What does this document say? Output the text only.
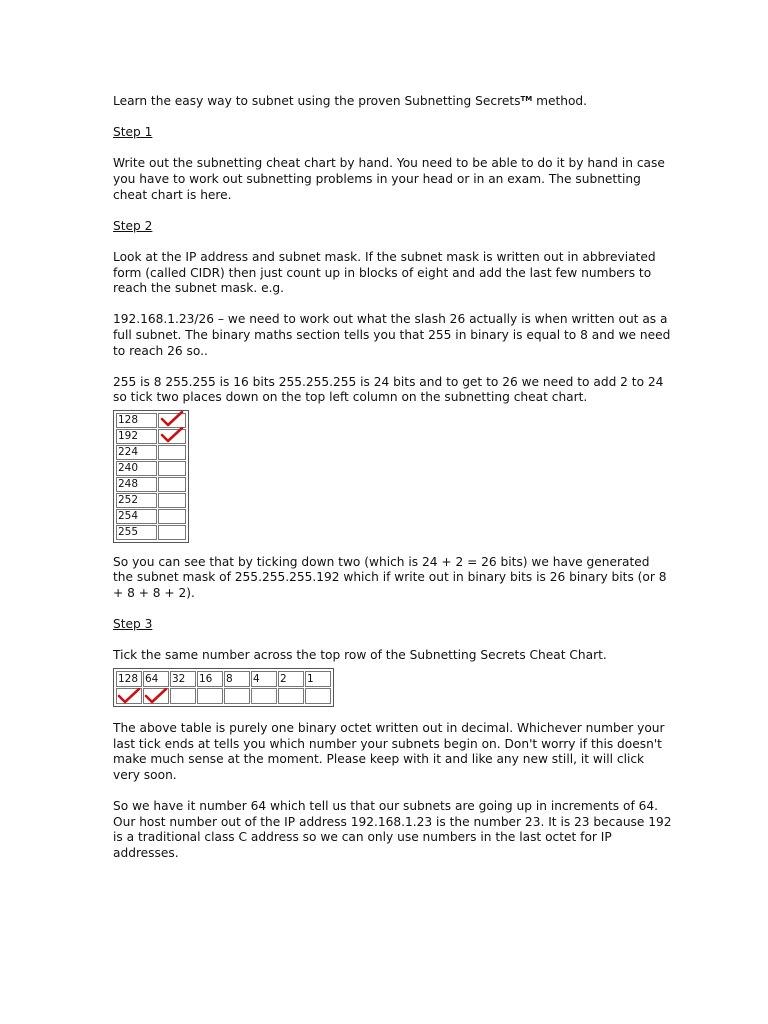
Learn the easy way to subnet using the proven Subnetting Secrets™ method.

Step 1

Write out the subnetting cheat chart by hand. You need to be able to do it by hand in case you have to work out subnetting problems in your head or in an exam. The subnetting cheat chart is here.

Step 2

Look at the IP address and subnet mask. If the subnet mask is written out in abbreviated form (called CIDR) then just count up in blocks of eight and add the last few numbers to reach the subnet mask. e.g.

192.168.1.23/26 – we need to work out what the slash 26 actually is when written out as a full subnet. The binary maths section tells you that 255 in binary is equal to 8 and we need to reach 26 so..

255 is 8 255.255 is 16 bits 255.255.255 is 24 bits and to get to 26 we need to add 2 to 24 so tick two places down on the top left column on the subnetting cheat chart.

128	

192	

224	
240	
248	
252	
254	
255	

So you can see that by ticking down two (which is 24 + 2 = 26 bits) we have generated the subnet mask of 255.255.255.192 which if write out in binary bits is 26 binary bits (or 8 + 8 + 8 + 2).

Step 3

Tick the same number across the top row of the Subnetting Secrets Cheat Chart.

128	64	32	16	8	4	2	1

The above table is purely one binary octet written out in decimal. Whichever number your last tick ends at tells you which number your subnets begin on. Don't worry if this doesn't make much sense at the moment. Please keep with it and like any new still, it will click very soon.

So we have it number 64 which tell us that our subnets are going up in increments of 64. Our host number out of the IP address 192.168.1.23 is the number 23. It is 23 because 192 is a traditional class C address so we can only use numbers in the last octet for IP addresses.
